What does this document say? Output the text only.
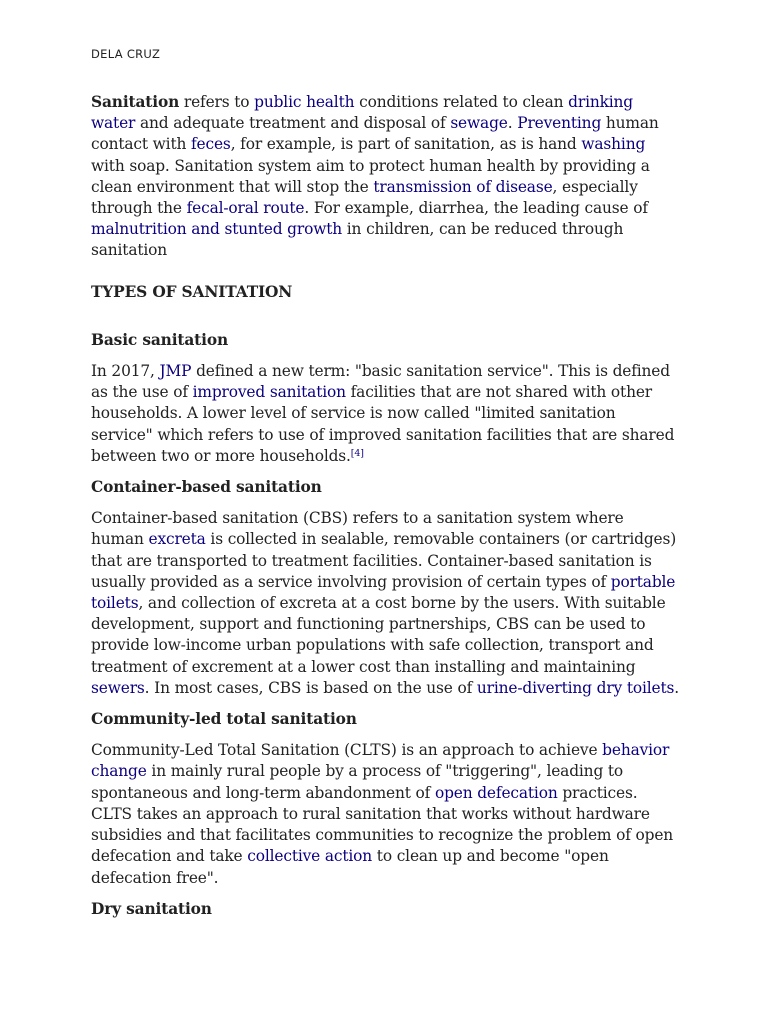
DELA CRUZ

Sanitation refers to public health conditions related to clean drinking water and adequate treatment and disposal of sewage. Preventing human contact with feces, for example, is part of sanitation, as is hand washing with soap. Sanitation system aim to protect human health by providing a clean environment that will stop the transmission of disease, especially through the fecal-oral route. For example, diarrhea, the leading cause of malnutrition and stunted growth in children, can be reduced through sanitation

TYPES OF SANITATION

Basic sanitation

In 2017, JMP defined a new term: "basic sanitation service". This is defined as the use of improved sanitation facilities that are not shared with other households. A lower level of service is now called "limited sanitation service" which refers to use of improved sanitation facilities that are shared between two or more households.[4]

Container-based sanitation

Container-based sanitation (CBS) refers to a sanitation system where human excreta is collected in sealable, removable containers (or cartridges) that are transported to treatment facilities. Container-based sanitation is usually provided as a service involving provision of certain types of portable toilets, and collection of excreta at a cost borne by the users. With suitable development, support and functioning partnerships, CBS can be used to provide low-income urban populations with safe collection, transport and treatment of excrement at a lower cost than installing and maintaining sewers. In most cases, CBS is based on the use of urine-diverting dry toilets.

Community-led total sanitation

Community-Led Total Sanitation (CLTS) is an approach to achieve behavior change in mainly rural people by a process of "triggering", leading to spontaneous and long-term abandonment of open defecation practices. CLTS takes an approach to rural sanitation that works without hardware subsidies and that facilitates communities to recognize the problem of open defecation and take collective action to clean up and become "open defecation free".

Dry sanitation
